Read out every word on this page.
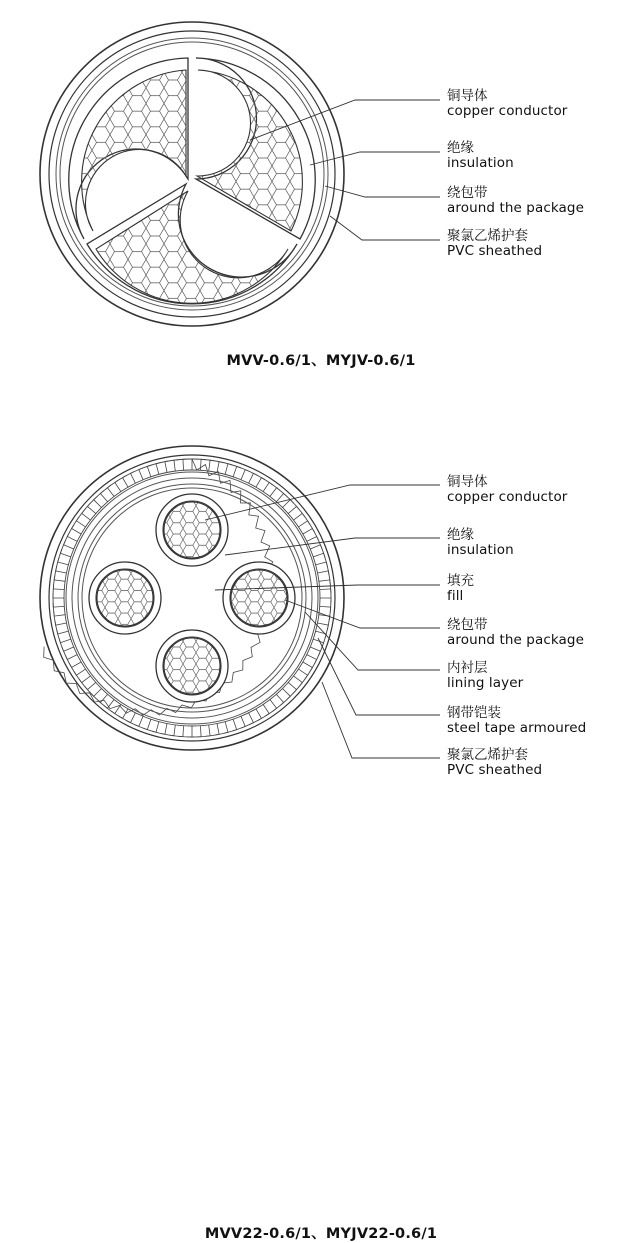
铜导体
copper conductor
绝缘
insulation
绕包带
around the package
聚氯乙烯护套
PVC sheathed
MVV-0.6/1、MYJV-0.6/1
铜导体
copper conductor
绝缘
insulation
填充
fill
绕包带
around the package
内衬层
lining layer
钢带铠装
steel tape armoured
聚氯乙烯护套
PVC sheathed
MVV22-0.6/1、MYJV22-0.6/1
